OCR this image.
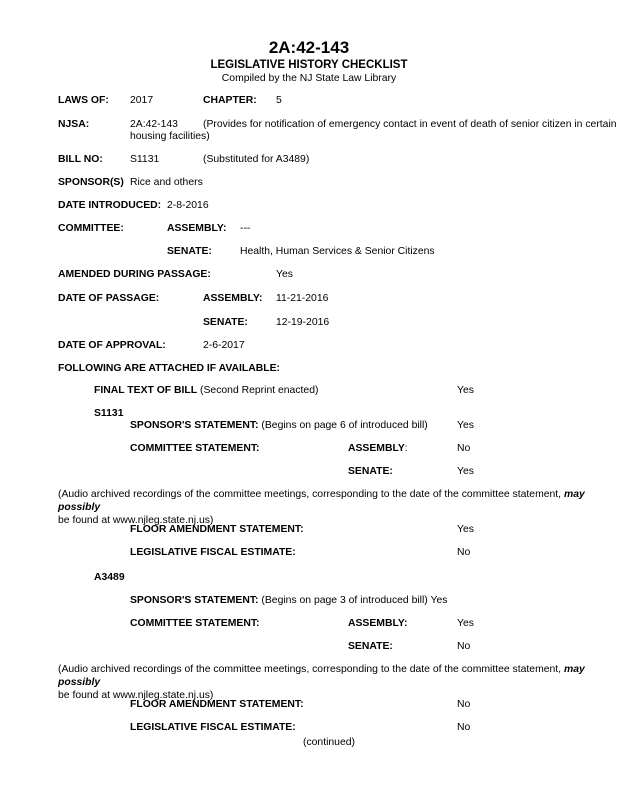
2A:42-143
LEGISLATIVE HISTORY CHECKLIST
Compiled by the NJ State Law Library
LAWS OF: 2017	CHAPTER: 5
NJSA:	2A:42-143 (Provides for notification of emergency contact in event of death of senior citizen in certain
housing facilities)
BILL NO:	S1131	(Substituted for A3489)
SPONSOR(S) Rice and others
DATE INTRODUCED: 2-8-2016
COMMITTEE:	ASSEMBLY: ---
SENATE:	Health, Human Services & Senior Citizens
AMENDED DURING PASSAGE:	Yes
DATE OF PASSAGE:	ASSEMBLY: 11-21-2016
SENATE:	12-19-2016
DATE OF APPROVAL:	2-6-2017
FOLLOWING ARE ATTACHED IF AVAILABLE:
FINAL TEXT OF BILL (Second Reprint enacted)	Yes
S1131
SPONSOR'S STATEMENT: (Begins on page 6 of introduced bill)	Yes
COMMITTEE STATEMENT:	ASSEMBLY:	No
SENATE:	Yes
(Audio archived recordings of the committee meetings, corresponding to the date of the committee statement, may possibly
be found at www.njleg.state.nj.us)
FLOOR AMENDMENT STATEMENT:	Yes
LEGISLATIVE FISCAL ESTIMATE:	No
A3489
SPONSOR'S STATEMENT: (Begins on page 3 of introduced bill) Yes
COMMITTEE STATEMENT:	ASSEMBLY:	Yes
SENATE:	No
(Audio archived recordings of the committee meetings, corresponding to the date of the committee statement, may possibly
be found at www.njleg.state.nj.us)
FLOOR AMENDMENT STATEMENT:	No
LEGISLATIVE FISCAL ESTIMATE:	No
(continued)
